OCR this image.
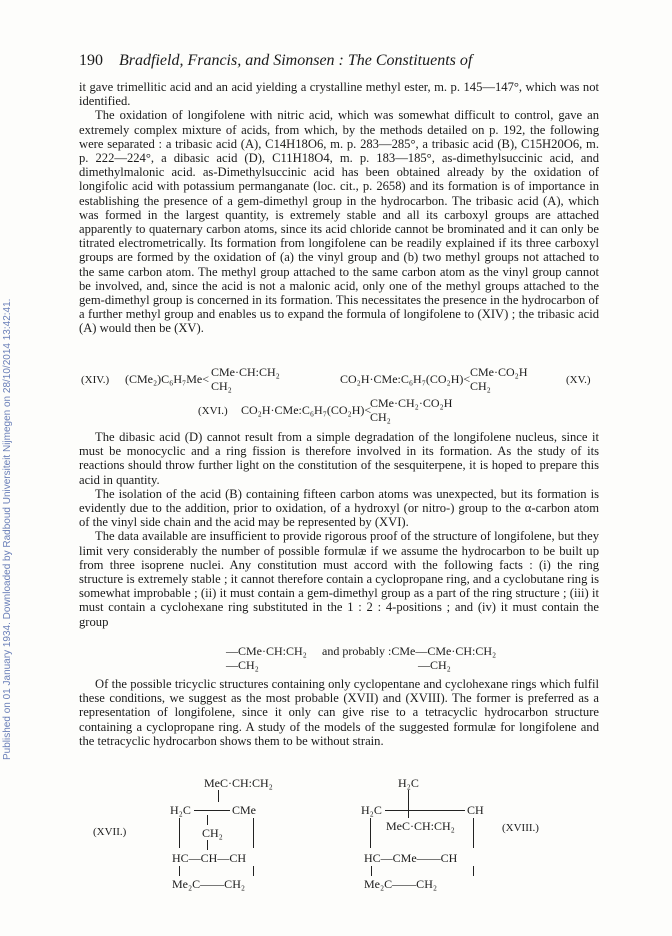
Published on 01 January 1934. Downloaded by Radboud Universiteit Nijmegen on 28/10/2014 13:42:41.
190 Bradfield, Francis, and Simonsen : The Constituents of

it gave trimellitic acid and an acid yielding a crystalline methyl ester, m. p. 145—147°, which was not identified.

The oxidation of longifolene with nitric acid, which was somewhat difficult to control, gave an extremely complex mixture of acids, from which, by the methods detailed on p. 192, the following were separated : a tribasic acid (A), C14H18O6, m. p. 283—285°, a tribasic acid (B), C15H20O6, m. p. 222—224°, a dibasic acid (D), C11H18O4, m. p. 183—185°, as-dimethylsuccinic acid, and dimethylmalonic acid. as-Dimethylsuccinic acid has been obtained already by the oxidation of longifolic acid with potassium permanganate (loc. cit., p. 2658) and its formation is of importance in establishing the presence of a gem-dimethyl group in the hydrocarbon. The tribasic acid (A), which was formed in the largest quantity, is extremely stable and all its carboxyl groups are attached apparently to quaternary carbon atoms, since its acid chloride cannot be brominated and it can only be titrated electrometrically. Its formation from longifolene can be readily explained if its three carboxyl groups are formed by the oxidation of (a) the vinyl group and (b) two methyl groups not attached to the same carbon atom. The methyl group attached to the same carbon atom as the vinyl group cannot be involved, and, since the acid is not a malonic acid, only one of the methyl groups attached to the gem-dimethyl group is concerned in its formation. This necessitates the presence in the hydrocarbon of a further methyl group and enables us to expand the formula of longifolene to (XIV) ; the tribasic acid (A) would then be (XV).

(XIV.) (CMe₂)C₆H₇Me< CMe·CH:CH₂
CH₂	CO₂H·CMe:C₆H₇(CO₂H)< CMe·CO₂H
CH₂	(XV.)
(XVI.) CO₂H·CMe:C₆H₇(CO₂H)<
CMe·CH₂·CO₂H
CH₂

The dibasic acid (D) cannot result from a simple degradation of the longifolene nucleus, since it must be monocyclic and a ring fission is therefore involved in its formation. As the study of its reactions should throw further light on the constitution of the sesquiterpene, it is hoped to prepare this acid in quantity.

The isolation of the acid (B) containing fifteen carbon atoms was unexpected, but its formation is evidently due to the addition, prior to oxidation, of a hydroxyl (or nitro-) group to the α-carbon atom of the vinyl side chain and the acid may be represented by (XVI).

The data available are insufficient to provide rigorous proof of the structure of longifolene, but they limit very considerably the number of possible formulæ if we assume the hydrocarbon to be built up from three isoprene nuclei. Any constitution must accord with the following facts : (i) the ring structure is extremely stable ; it cannot therefore contain a cyclopropane ring, and a cyclobutane ring is somewhat improbable ; (ii) it must contain a gem-dimethyl group as a part of the ring structure ; (iii) it must contain a cyclohexane ring substituted in the 1 : 2 : 4-positions ; and (iv) it must contain the group

—CMe·CH:CH₂
—CH₂
and probably :CMe—CMe·CH:CH₂
—CH₂

Of the possible tricyclic structures containing only cyclopentane and cyclohexane rings which fulfil these conditions, we suggest as the most probable (XVII) and (XVIII). The former is preferred as a representation of longifolene, since it only can give rise to a tetracyclic hydrocarbon structure containing a cyclopropane ring. A study of the models of the suggested formulæ for longifolene and the tetracyclic hydrocarbon shows them to be without strain.

(XVII.)
MeC·CH:CH₂
H₂C	CMe
CH₂
HC—CH—CH
Me₂C——CH₂
H₂C
H₂C	CH
MeC·CH:CH₂	(XVIII.)
HC—CMe——CH
Me₂C——CH₂
